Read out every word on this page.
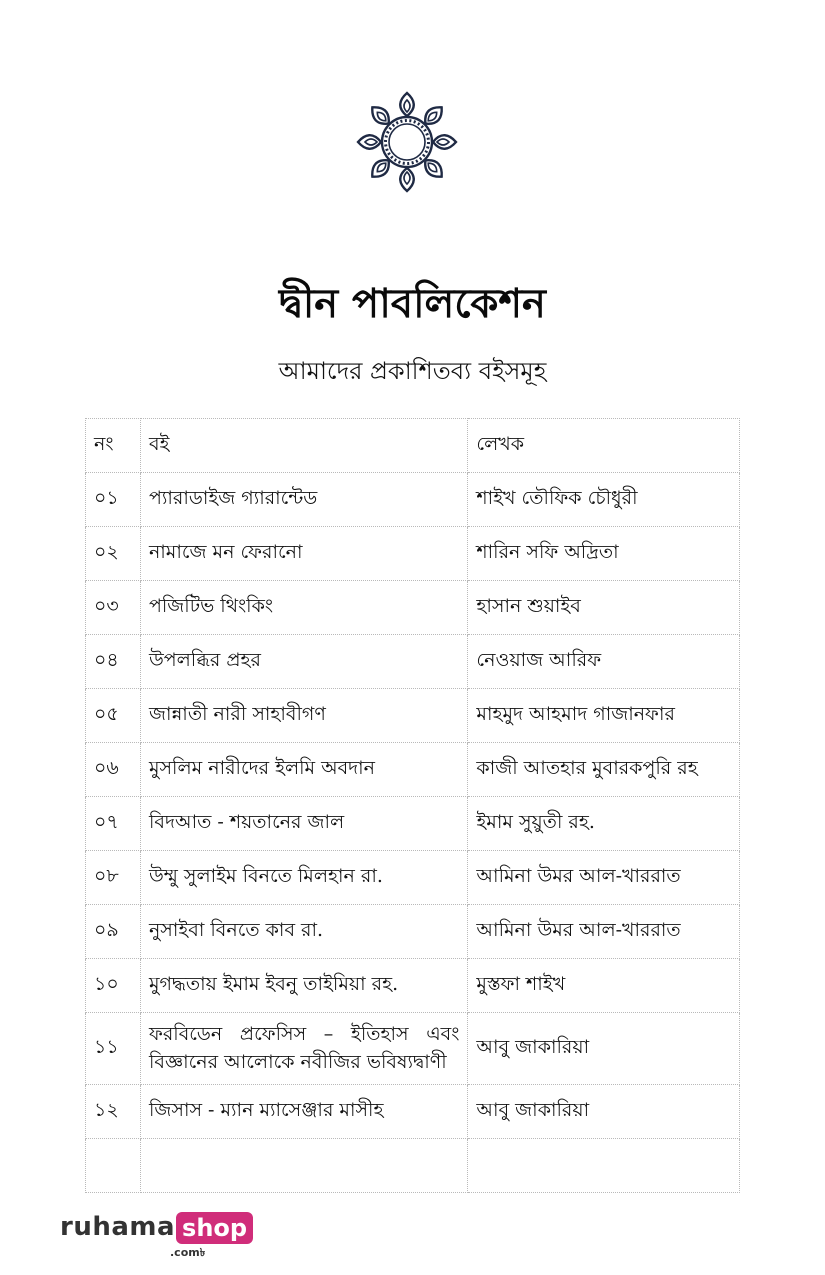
দ্বীন পাবলিকেশন
আমাদের প্রকাশিতব্য বইসমূহ
নং	বই	লেখক
০১	প্যারাডাইজ গ্যারান্টেড	শাইখ তৌফিক চৌধুরী
০২	নামাজে মন ফেরানো	শারিন সফি অদ্রিতা
০৩	পজিটিভ থিংকিং	হাসান শুয়াইব
০৪	উপলব্ধির প্রহর	নেওয়াজ আরিফ
০৫	জান্নাতী নারী সাহাবীগণ	মাহমুদ আহমাদ গাজানফার
০৬	মুসলিম নারীদের ইলমি অবদান	কাজী আতহার মুবারকপুরি রহ
০৭	বিদআত - শয়তানের জাল	ইমাম সুয়ুতী রহ.
০৮	উম্মু সুলাইম বিনতে মিলহান রা.	আমিনা উমর আল-খাররাত
০৯	নুসাইবা বিনতে কাব রা.	আমিনা উমর আল-খাররাত
১০	মুগদ্ধতায় ইমাম ইবনু তাইমিয়া রহ.	মুস্তফা শাইখ
১১	ফরবিডেন প্রফেসিস – ইতিহাস এবং বিজ্ঞানের আলোকে নবীজির ভবিষ্যদ্বাণী	আবু জাকারিয়া
১২	জিসাস - ম্যান ম্যাসেঞ্জার মাসীহ	আবু জাকারিয়া

ruhama shop
.com৳
